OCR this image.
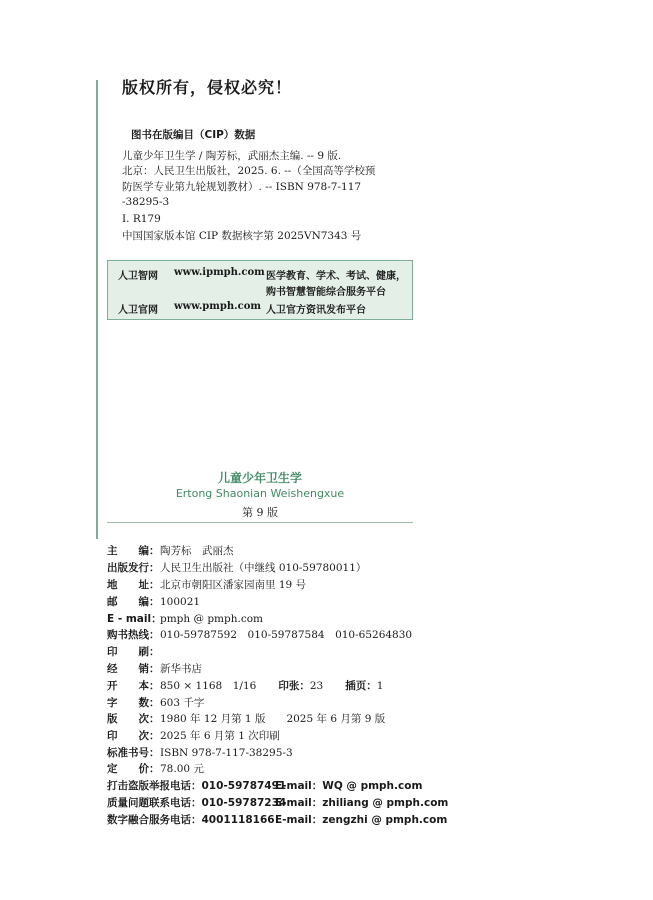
版权所有，侵权必究！
图书在版编目（CIP）数据
儿童少年卫生学 / 陶芳标，武丽杰主编. -- 9 版.
北京：人民卫生出版社，2025. 6. --（全国高等学校预
防医学专业第九轮规划教材）. -- ISBN 978-7-117
-38295-3
Ⅰ. R179
中国国家版本馆 CIP 数据核字第 2025VN7343 号
人卫智网 www.ipmph.com 医学教育、学术、考试、健康，
购书智慧智能综合服务平台
人卫官网 www.pmph.com 人卫官方资讯发布平台
儿童少年卫生学
Ertong Shaonian Weishengxue
第 9 版
主　　编：陶芳标　武丽杰
出版发行：人民卫生出版社（中继线 010-59780011）
地　　址：北京市朝阳区潘家园南里 19 号
邮　　编：100021
E - mail：pmph @ pmph.com
购书热线：010-59787592　010-59787584　010-65264830
印　　刷：
经　　销：新华书店
开　　本：850 × 1168　1/16 印张：23 插页：1
字　　数：603 千字
版　　次：1980 年 12 月第 1 版　　2025 年 6 月第 9 版
印　　次：2025 年 6 月第 1 次印刷
标准书号：ISBN 978-7-117-38295-3
定　　价：78.00 元
打击盗版举报电话：010-59787491
E-mail：WQ @ pmph.com
质量问题联系电话：010-59787234
E-mail：zhiliang @ pmph.com
数字融合服务电话：4001118166 E-mail：zengzhi @ pmph.com
